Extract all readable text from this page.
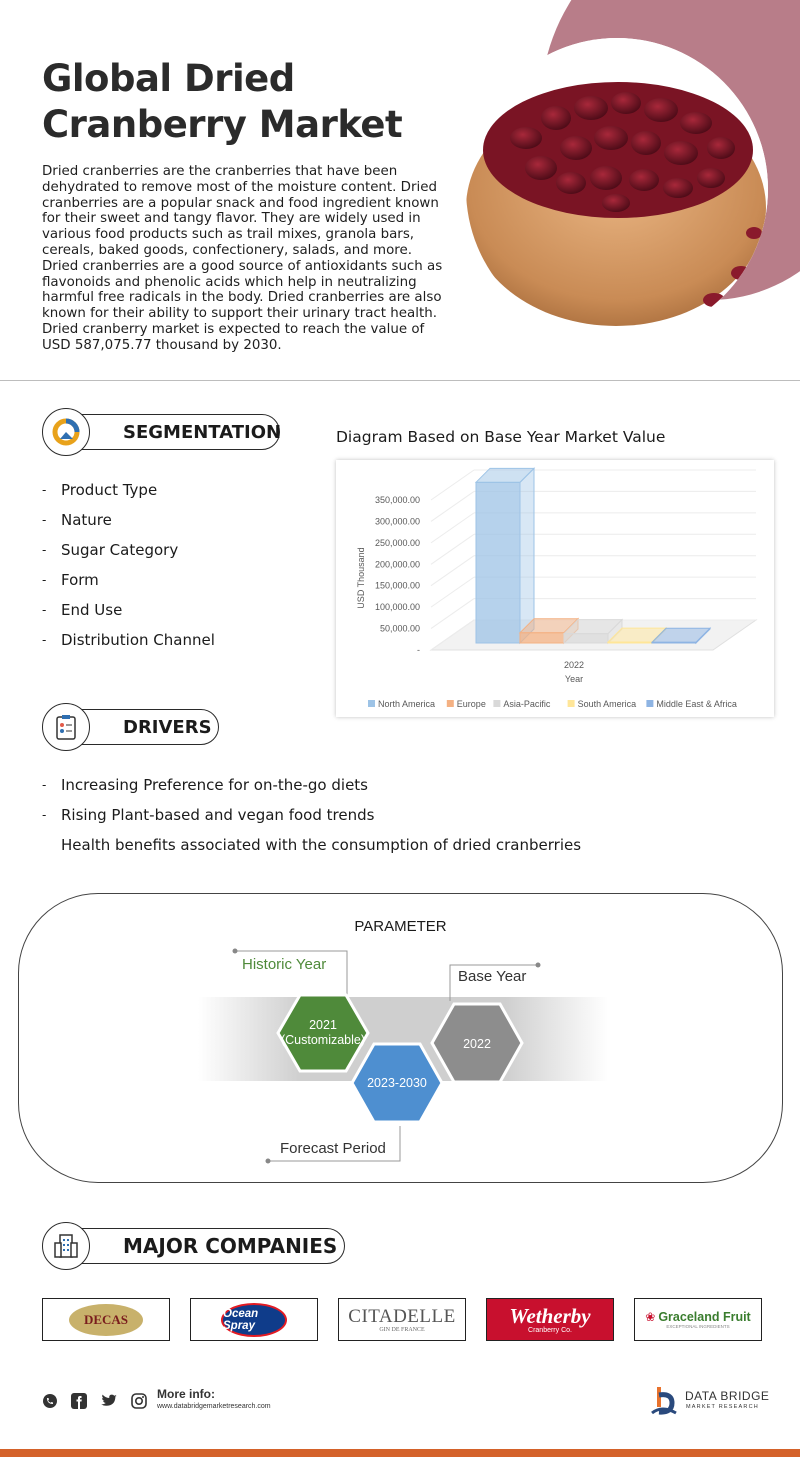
Global Dried Cranberry Market
Dried cranberries are the cranberries that have been dehydrated to remove most of the moisture content. Dried cranberries are a popular snack and food ingredient known for their sweet and tangy flavor. They are widely used in various food products such as trail mixes, granola bars, cereals, baked goods, confectionery, salads, and more. Dried cranberries are a good source of antioxidants such as flavonoids and phenolic acids which help in neutralizing harmful free radicals in the body. Dried cranberries are also known for their ability to support their urinary tract health. Dried cranberry market is expected to reach the value of USD 587,075.77 thousand by 2030.
SEGMENTATION
- Product Type
- Nature
- Sugar Category
- Form
- End Use
- Distribution Channel
Diagram Based on Base Year Market Value
350,000.00
300,000.00
250,000.00
200,000.00
150,000.00
100,000.00
50,000.00
-
USD Thousand
2022
Year
North America Europe Asia-Pacific	South America Middle East & Africa
DRIVERS
- Increasing Preference for on-the-go diets
- Rising Plant-based and vegan food trends
Health benefits associated with the consumption of dried cranberries
PARAMETER
Historic Year
Base Year
Forecast Period
2021
(Customizable)	2022
2023-2030
MAJOR COMPANIES
DECAS	Ocean Spray	CITADELLE
GIN DE FRANCE
Wetherby
Cranberry Co.
❀ Graceland Fruit
EXCEPTIONAL INGREDIENTS
More info:
www.databridgemarketresearch.com
DATA BRIDGE
MARKET RESEARCH
